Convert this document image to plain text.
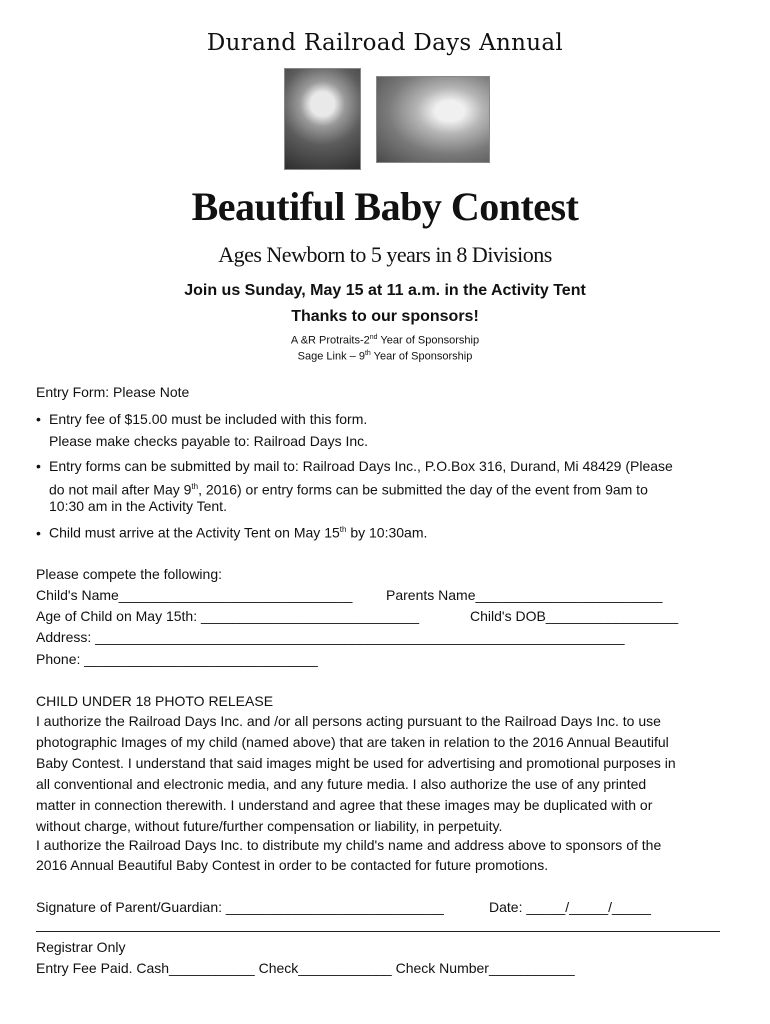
Durand Railroad Days Annual
Beautiful Baby Contest
Ages Newborn to 5 years in 8 Divisions
Join us Sunday, May 15 at 11 a.m. in the Activity Tent
Thanks to our sponsors!
A &R Protraits-2nd Year of Sponsorship
Sage Link – 9th Year of Sponsorship
Entry Form: Please Note
• Entry fee of $15.00 must be included with this form.
Please make checks payable to: Railroad Days Inc.
• Entry forms can be submitted by mail to: Railroad Days Inc., P.O.Box 316, Durand, Mi 48429 (Please
do not mail after May 9th, 2016) or entry forms can be submitted the day of the event from 9am to
10:30 am in the Activity Tent.
• Child must arrive at the Activity Tent on May 15th by 10:30am.
Please compete the following:
Child's Name______________________________ Parents Name________________________
Age of Child on May 15th: ____________________________	Child's DOB_________________
Address: ____________________________________________________________________
Phone: ______________________________
CHILD UNDER 18 PHOTO RELEASE
I authorize the Railroad Days Inc. and /or all persons acting pursuant to the Railroad Days Inc. to use
photographic Images of my child (named above) that are taken in relation to the 2016 Annual Beautiful
Baby Contest. I understand that said images might be used for advertising and promotional purposes in
all conventional and electronic media, and any future media. I also authorize the use of any printed
matter in connection therewith. I understand and agree that these images may be duplicated with or
without charge, without future/further compensation or liability, in perpetuity.
I authorize the Railroad Days Inc. to distribute my child's name and address above to sponsors of the
2016 Annual Beautiful Baby Contest in order to be contacted for future promotions.
Signature of Parent/Guardian: ____________________________	Date: _____/_____/_____
Registrar Only
Entry Fee Paid. Cash___________ Check____________ Check Number___________
